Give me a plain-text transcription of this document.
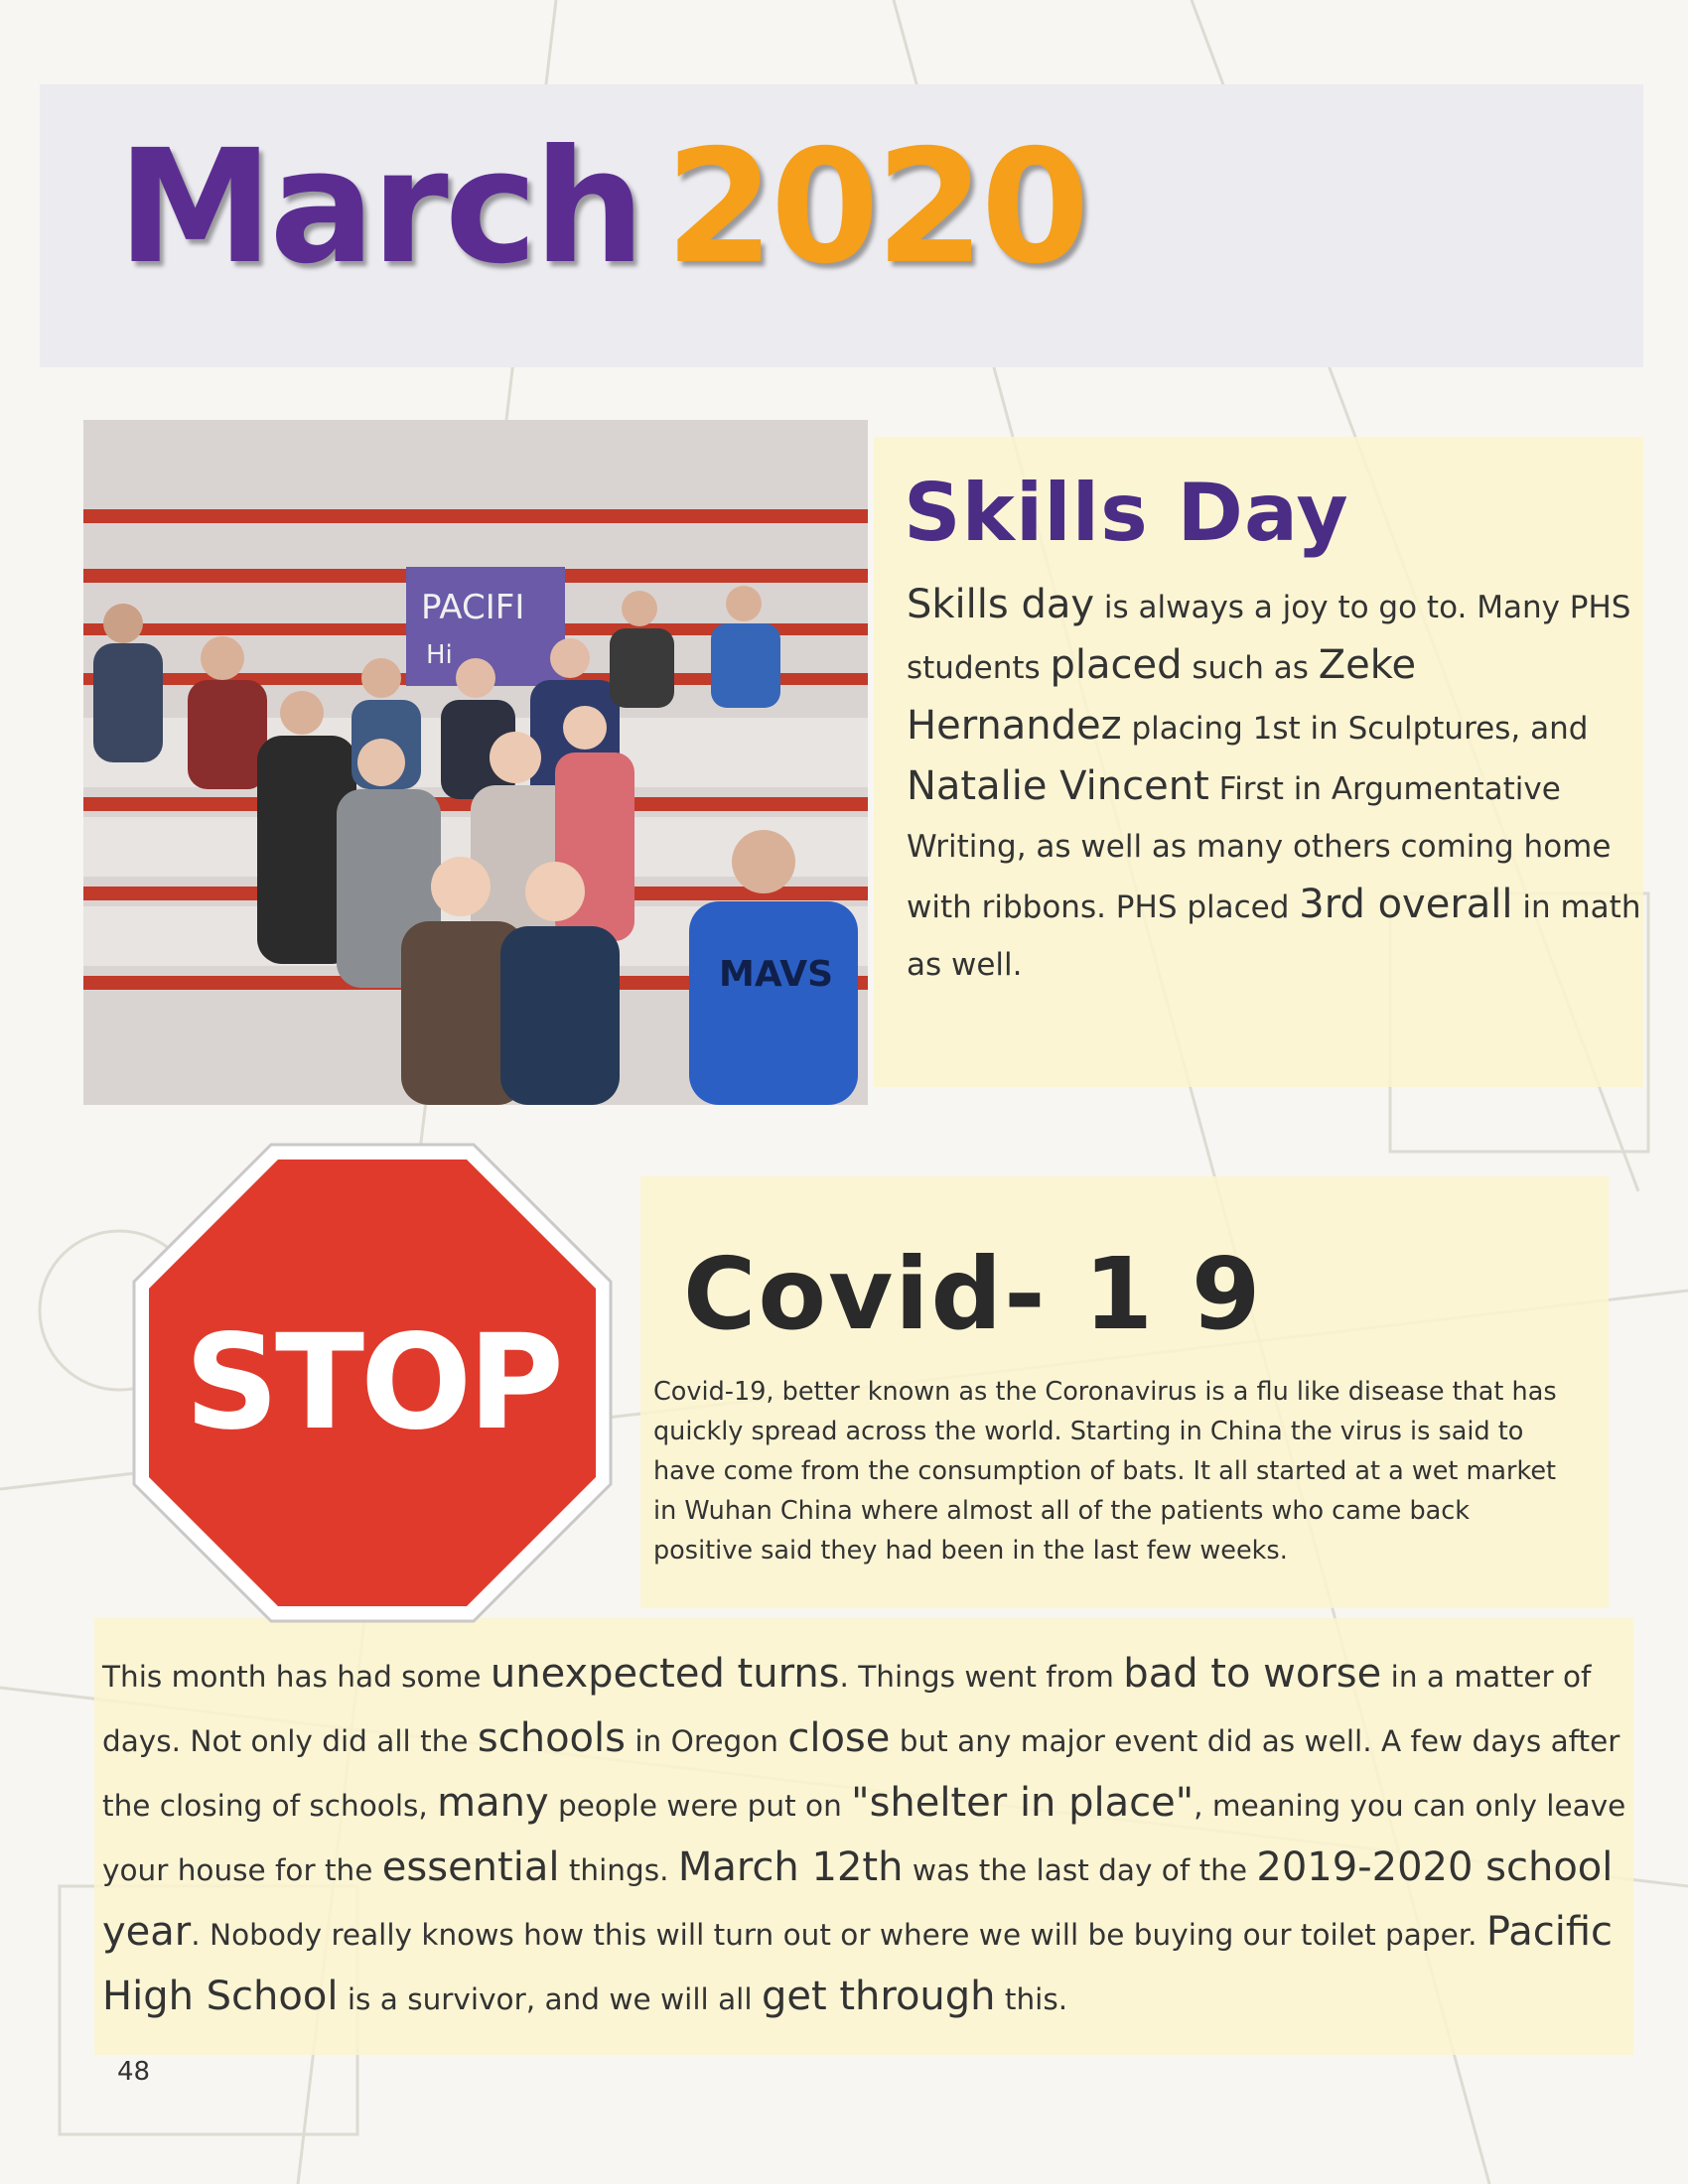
March 2020
PACIFI
Hi
MAVS
Skills Day
Skills day is always a joy to go to. Many PHS students placed such as Zeke Hernandez placing 1st in Sculptures, and Natalie Vincent First in Argumentative Writing, as well as many others coming home with ribbons. PHS placed 3rd overall in math as well.
STOP
Covid- 1 9
Covid-19, better known as the Coronavirus is a flu like disease that has quickly spread across the world. Starting in China the virus is said to have come from the consumption of bats. It all started at a wet market in Wuhan China where almost all of the patients who came back positive said they had been in the last few weeks.
This month has had some unexpected turns. Things went from bad to worse in a matter of days. Not only did all the schools in Oregon close but any major event did as well. A few days after the closing of schools, many people were put on "shelter in place", meaning you can only leave your house for the essential things. March 12th was the last day of the 2019-2020 school year. Nobody really knows how this will turn out or where we will be buying our toilet paper. Pacific High School is a survivor, and we will all get through this.
48
